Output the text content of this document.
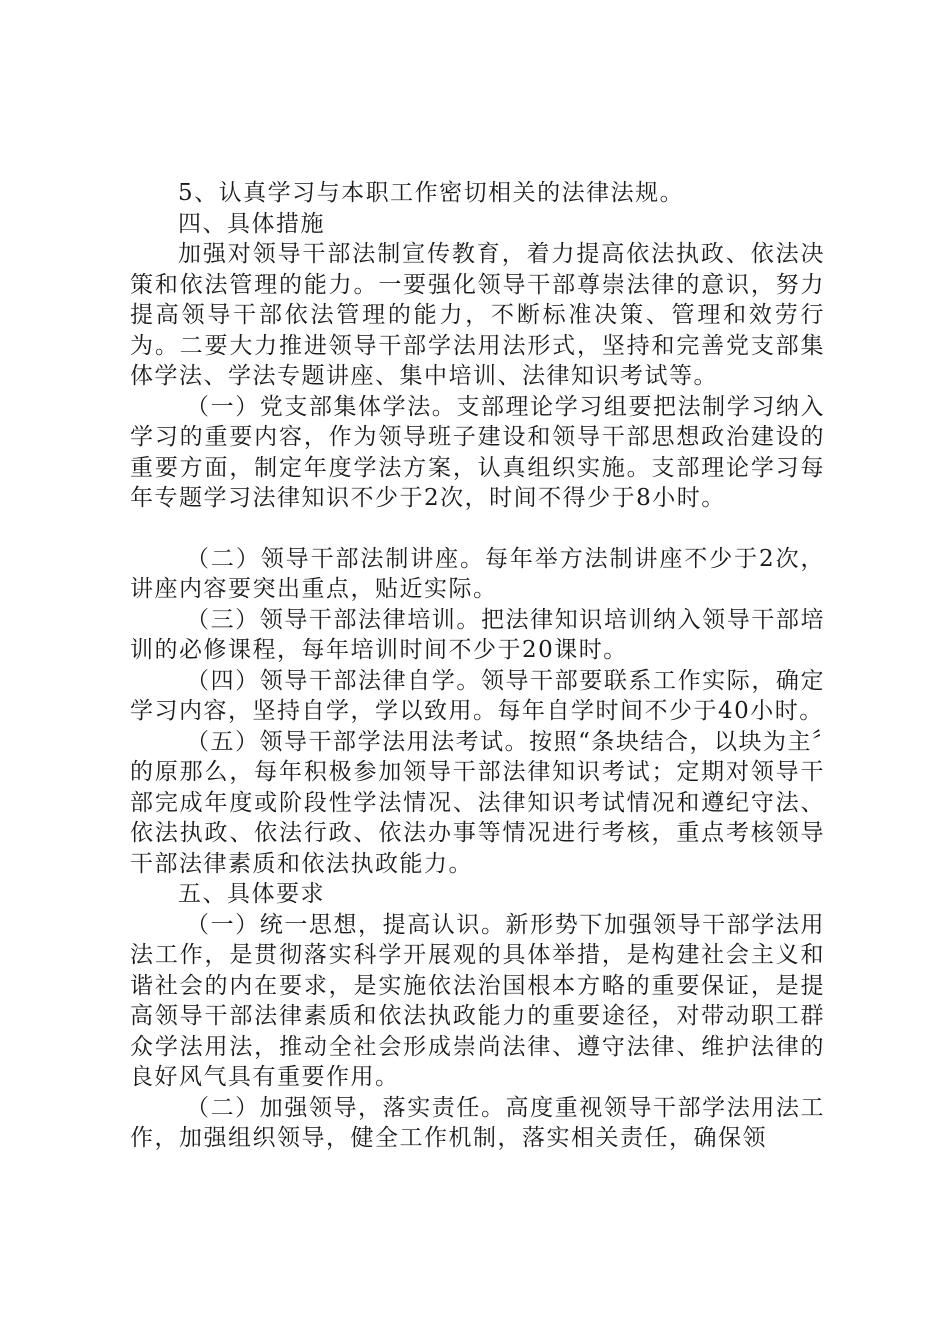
5、认真学习与本职工作密切相关的法律法规。

四、具体措施

加强对领导干部法制宣传教育，着力提高依法执政、依法决策和依法管理的能力。一要强化领导干部尊崇法律的意识，努力提高领导干部依法管理的能力，不断标准决策、管理和效劳行为。二要大力推进领导干部学法用法形式，坚持和完善党支部集体学法、学法专题讲座、集中培训、法律知识考试等。

（一）党支部集体学法。支部理论学习组要把法制学习纳入学习的重要内容，作为领导班子建设和领导干部思想政治建设的重要方面，制定年度学法方案，认真组织实施。支部理论学习每年专题学习法律知识不少于2次，时间不得少于8小时。

（二）领导干部法制讲座。每年举方法制讲座不少于2次，讲座内容要突出重点，贴近实际。

（三）领导干部法律培训。把法律知识培训纳入领导干部培训的必修课程，每年培训时间不少于20课时。

（四）领导干部法律自学。领导干部要联系工作实际，确定学习内容，坚持自学，学以致用。每年自学时间不少于40小时。

（五）领导干部学法用法考试。按照“条块结合，以块为主〞的原那么，每年积极参加领导干部法律知识考试；定期对领导干部完成年度或阶段性学法情况、法律知识考试情况和遵纪守法、依法执政、依法行政、依法办事等情况进行考核，重点考核领导干部法律素质和依法执政能力。

五、具体要求

（一）统一思想，提高认识。新形势下加强领导干部学法用法工作，是贯彻落实科学开展观的具体举措，是构建社会主义和谐社会的内在要求，是实施依法治国根本方略的重要保证，是提高领导干部法律素质和依法执政能力的重要途径，对带动职工群众学法用法，推动全社会形成崇尚法律、遵守法律、维护法律的良好风气具有重要作用。

（二）加强领导，落实责任。高度重视领导干部学法用法工作，加强组织领导，健全工作机制，落实相关责任，确保领
